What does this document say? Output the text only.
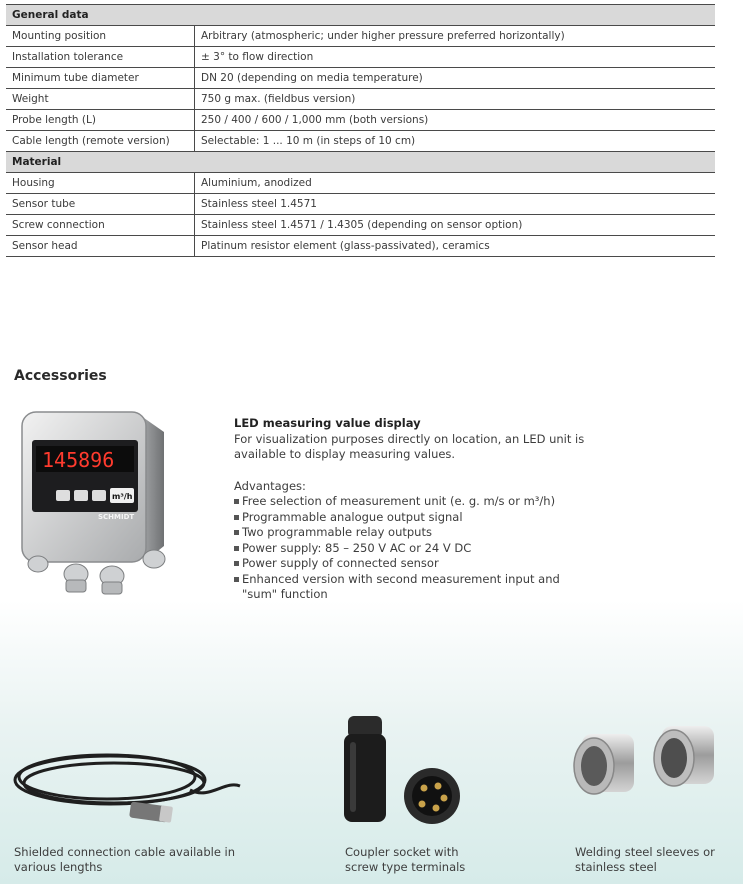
General data	
Mounting position	Arbitrary (atmospheric; under higher pressure preferred horizontally)
Installation tolerance	± 3° to flow direction
Minimum tube diameter	DN 20 (depending on media temperature)
Weight	750 g max. (fieldbus version)
Probe length (L)	250 / 400 / 600 / 1,000 mm (both versions)
Cable length (remote version)	Selectable: 1 ... 10 m (in steps of 10 cm)
Material	
Housing	Aluminium, anodized
Sensor tube	Stainless steel 1.4571
Screw connection	Stainless steel 1.4571 / 1.4305 (depending on sensor option)
Sensor head	Platinum resistor element (glass-passivated), ceramics
Accessories
145896
m³/h
SCHMIDT
LED measuring value display
For visualization purposes directly on location, an LED unit is available to display measuring values.
Advantages:
Free selection of measurement unit (e. g. m/s or m³/h)
Programmable analogue output signal
Two programmable relay outputs
Power supply: 85 – 250 V AC or 24 V DC
Power supply of connected sensor
Enhanced version with second measurement input and "sum" function
Shielded connection cable available in
various lengths
Coupler socket with
screw type terminals
Welding steel sleeves or
stainless steel
